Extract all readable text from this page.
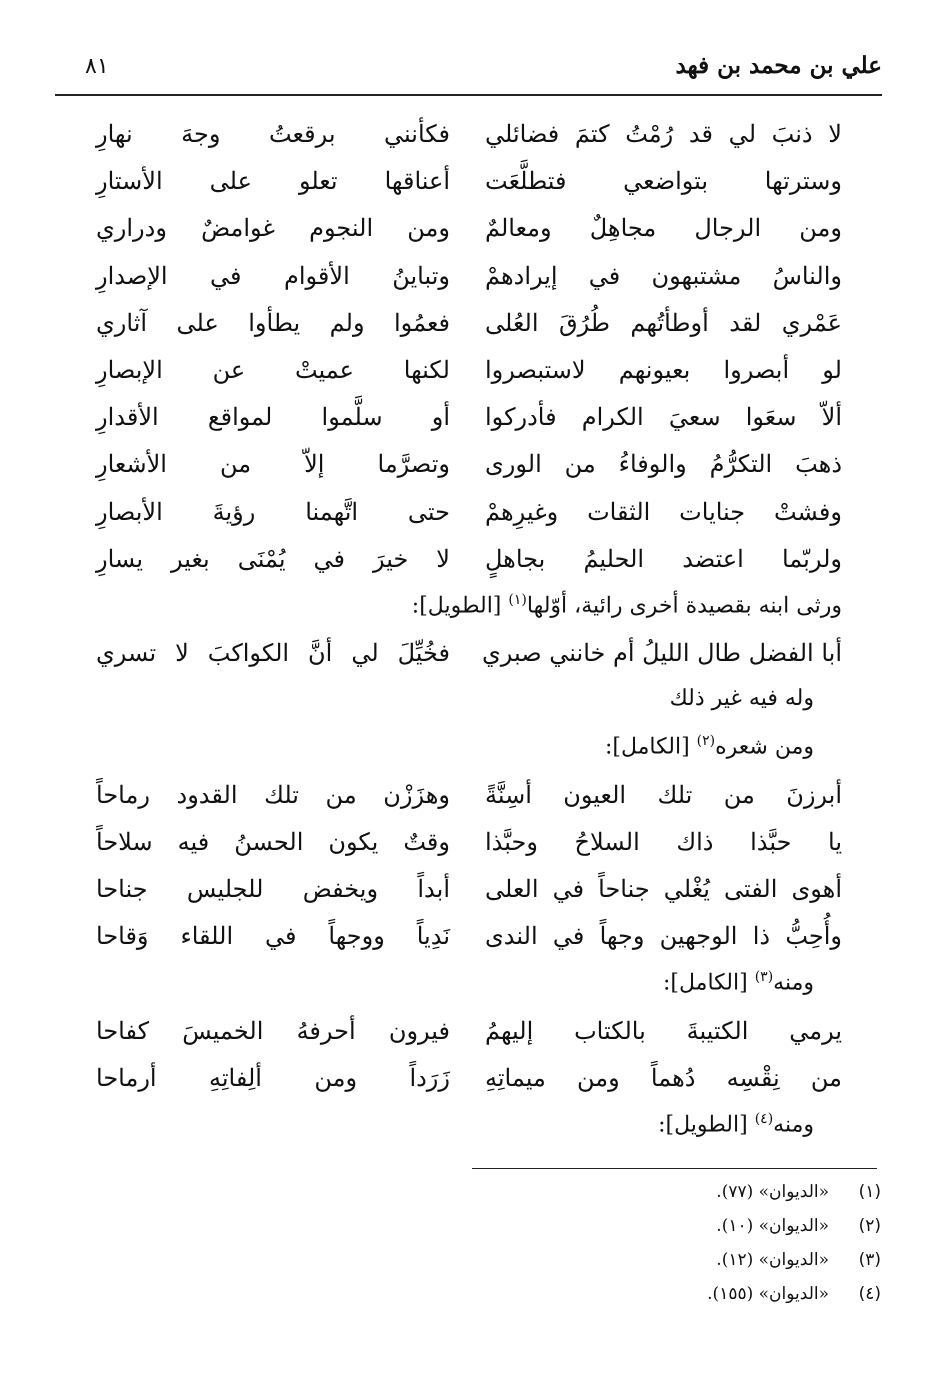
٨١	علي بن محمد بن فهد
لا ذنبَ لي قد رُمْتُ كتمَ فضائلي
فكأنني برقعتُ وجهَ نهارِ
وسترتها بتواضعي فتطلَّعَت
أعناقها تعلو على الأستارِ
ومن الرجال مجاهِلٌ ومعالمٌ
ومن النجوم غوامضٌ ودراري
والناسُ مشتبهون في إيرادهمْ
وتباينُ الأقوام في الإصدارِ
عَمْري لقد أوطأتُهم طُرُقَ العُلى
فعمُوا ولم يطأوا على آثاري
لو أبصروا بعيونهم لاستبصروا
لكنها عميتْ عن الإبصارِ
ألاّ سعَوا سعيَ الكرام فأدركوا
أو سلَّموا لمواقع الأقدارِ
ذهبَ التكرُّمُ والوفاءُ من الورى
وتصرَّما إلاّ من الأشعارِ
وفشتْ جنايات الثقات وغيرِهمْ
حتى اتَّهمنا رؤيةَ الأبصارِ
ولربّما اعتضد الحليمُ بجاهلٍ
لا خيرَ في يُمْنَى بغير يسارِ
ورثى ابنه بقصيدة أخرى رائية، أوّلها$^{(١)}$ [الطويل]:
أبا الفضل طال الليلُ أم خانني صبري
فخُيِّلَ لي أنَّ الكواكبَ لا تسري
وله فيه غير ذلك
ومن شعره$^{(٢)}$ [الكامل]:
أبرزنَ من تلك العيون أسِنَّةً
وهزَزْن من تلك القدود رماحاً
يا حبَّذا ذاك السلاحُ وحبَّذا
وقتٌ يكون الحسنُ فيه سلاحاً
أهوى الفتى يُغْلي جناحاً في العلى
أبداً ويخفض للجليس جناحا
وأُحِبُّ ذا الوجهين وجهاً في الندى
نَدِياً ووجهاً في اللقاء وَقاحا
ومنه$^{(٣)}$ [الكامل]:
يرمي الكتيبةَ بالكتاب إليهمُ
فيرون أحرفهُ الخميسَ كفاحا
من نِقْسِه دُهماً ومن ميماتِهِ
زَرَداً ومن ألِفاتِهِ أرماحا
ومنه$^{(٤)}$ [الطويل]:
(١)
«الديوان» (٧٧).
(٢)
«الديوان» (١٠).
(٣)
«الديوان» (١٢).
(٤)
«الديوان» (١٥٥).
